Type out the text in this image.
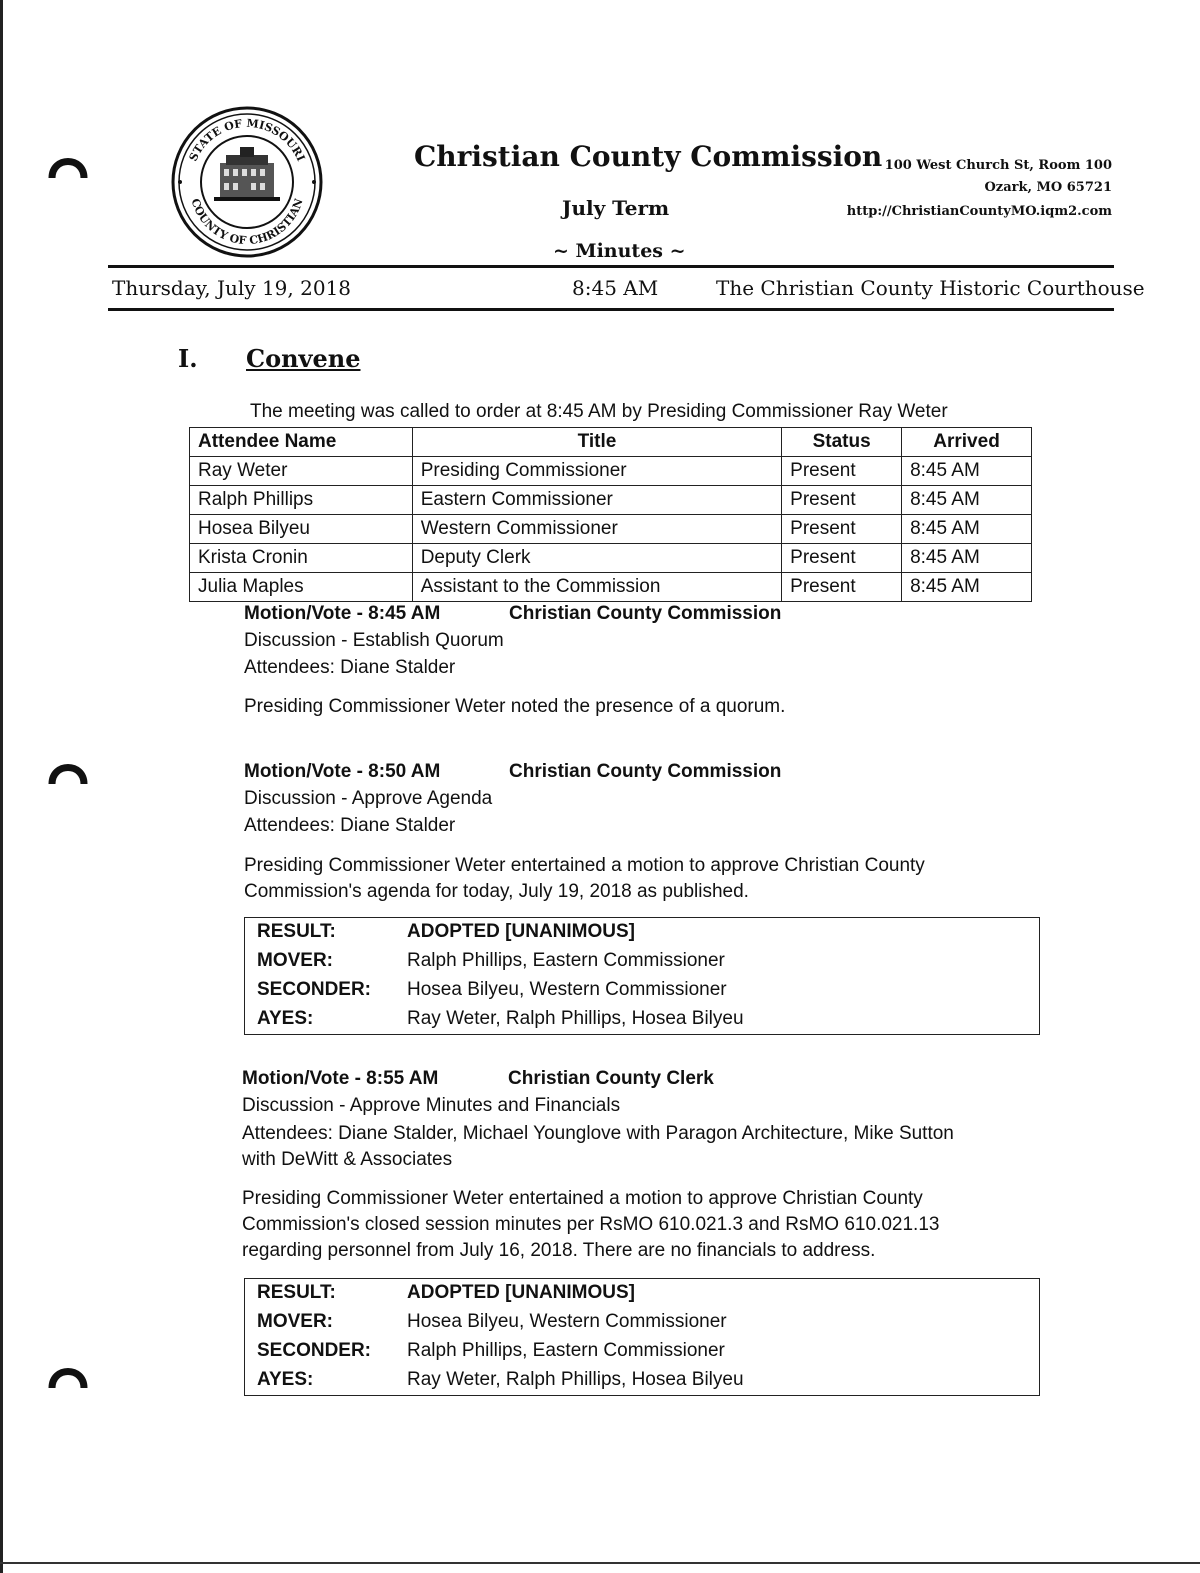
STATE OF MISSOURI
COUNTY OF CHRISTIAN
Christian County Commission
July Term
~ Minutes ~
100 West Church St, Room 100
Ozark, MO 65721
http://ChristianCountyMO.iqm2.com
Thursday, July 19, 2018	8:45 AM	The Christian County Historic Courthouse
I. Convene
The meeting was called to order at 8:45 AM by Presiding Commissioner Ray Weter
Attendee Name	Title	Status	Arrived
Ray Weter	Presiding Commissioner	Present	8:45 AM
Ralph Phillips	Eastern Commissioner	Present	8:45 AM
Hosea Bilyeu	Western Commissioner	Present	8:45 AM
Krista Cronin	Deputy Clerk	Present	8:45 AM
Julia Maples	Assistant to the Commission	Present	8:45 AM
Motion/Vote - 8:45 AM	Christian County Commission
Discussion - Establish Quorum
Attendees: Diane Stalder
Presiding Commissioner Weter noted the presence of a quorum.
Motion/Vote - 8:50 AM	Christian County Commission
Discussion - Approve Agenda
Attendees: Diane Stalder
Presiding Commissioner Weter entertained a motion to approve Christian County
Commission's agenda for today, July 19, 2018 as published.
RESULT:	ADOPTED [UNANIMOUS]
MOVER:	Ralph Phillips, Eastern Commissioner
SECONDER: Hosea Bilyeu, Western Commissioner
AYES:	Ray Weter, Ralph Phillips, Hosea Bilyeu
Motion/Vote - 8:55 AM	Christian County Clerk
Discussion - Approve Minutes and Financials
Attendees: Diane Stalder, Michael Younglove with Paragon Architecture, Mike Sutton
with DeWitt & Associates
Presiding Commissioner Weter entertained a motion to approve Christian County
Commission's closed session minutes per RsMO 610.021.3 and RsMO 610.021.13
regarding personnel from July 16, 2018. There are no financials to address.
RESULT:	ADOPTED [UNANIMOUS]
MOVER:	Hosea Bilyeu, Western Commissioner
SECONDER: Ralph Phillips, Eastern Commissioner
AYES:	Ray Weter, Ralph Phillips, Hosea Bilyeu
